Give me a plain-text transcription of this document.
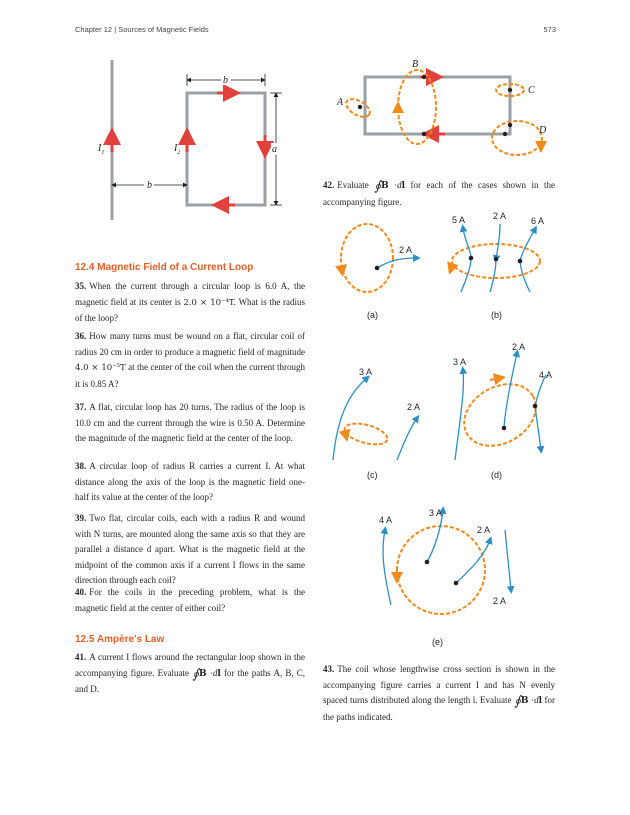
Chapter 12 | Sources of Magnetic Fields	573
b
b
a
$I_1$	$I_2$
A
B
C
D
42. Evaluate ∮B ·dl for each of the cases shown in the accompanying figure.
2 A
(a)
5 A	2 A	6 A
(b)
3 A
2 A
(c)
3 A
2 A
4 A
(d)
4 A
3 A
2 A
2 A
(e)
12.4 Magnetic Field of a Current Loop
35. When the current through a circular loop is 6.0 A, the magnetic field at its center is 2.0 × 10⁻⁴T. What is the radius of the loop?
36. How many turns must be wound on a flat, circular coil of radius 20 cm in order to produce a magnetic field of magnitude 4.0 × 10⁻⁵T at the center of the coil when the current through it is 0.85 A?
37. A flat, circular loop has 20 turns. The radius of the loop is 10.0 cm and the current through the wire is 0.50 A. Determine the magnitude of the magnetic field at the center of the loop.
38. A circular loop of radius R carries a current I. At what distance along the axis of the loop is the magnetic field one-half its value at the center of the loop?
39. Two flat, circular coils, each with a radius R and wound with N turns, are mounted along the same axis so that they are parallel a distance d apart. What is the magnetic field at the midpoint of the common axis if a current I flows in the same direction through each coil?
40. For the coils in the preceding problem, what is the magnetic field at the center of either coil?
12.5 Ampère's Law
41. A current I flows around the rectangular loop shown in the accompanying figure. Evaluate ∮B ·dl for the paths A, B, C, and D.
43. The coil whose lengthwise cross section is shown in the accompanying figure carries a current I and has N evenly spaced turns distributed along the length l. Evaluate ∮B ·dl for the paths indicated.
